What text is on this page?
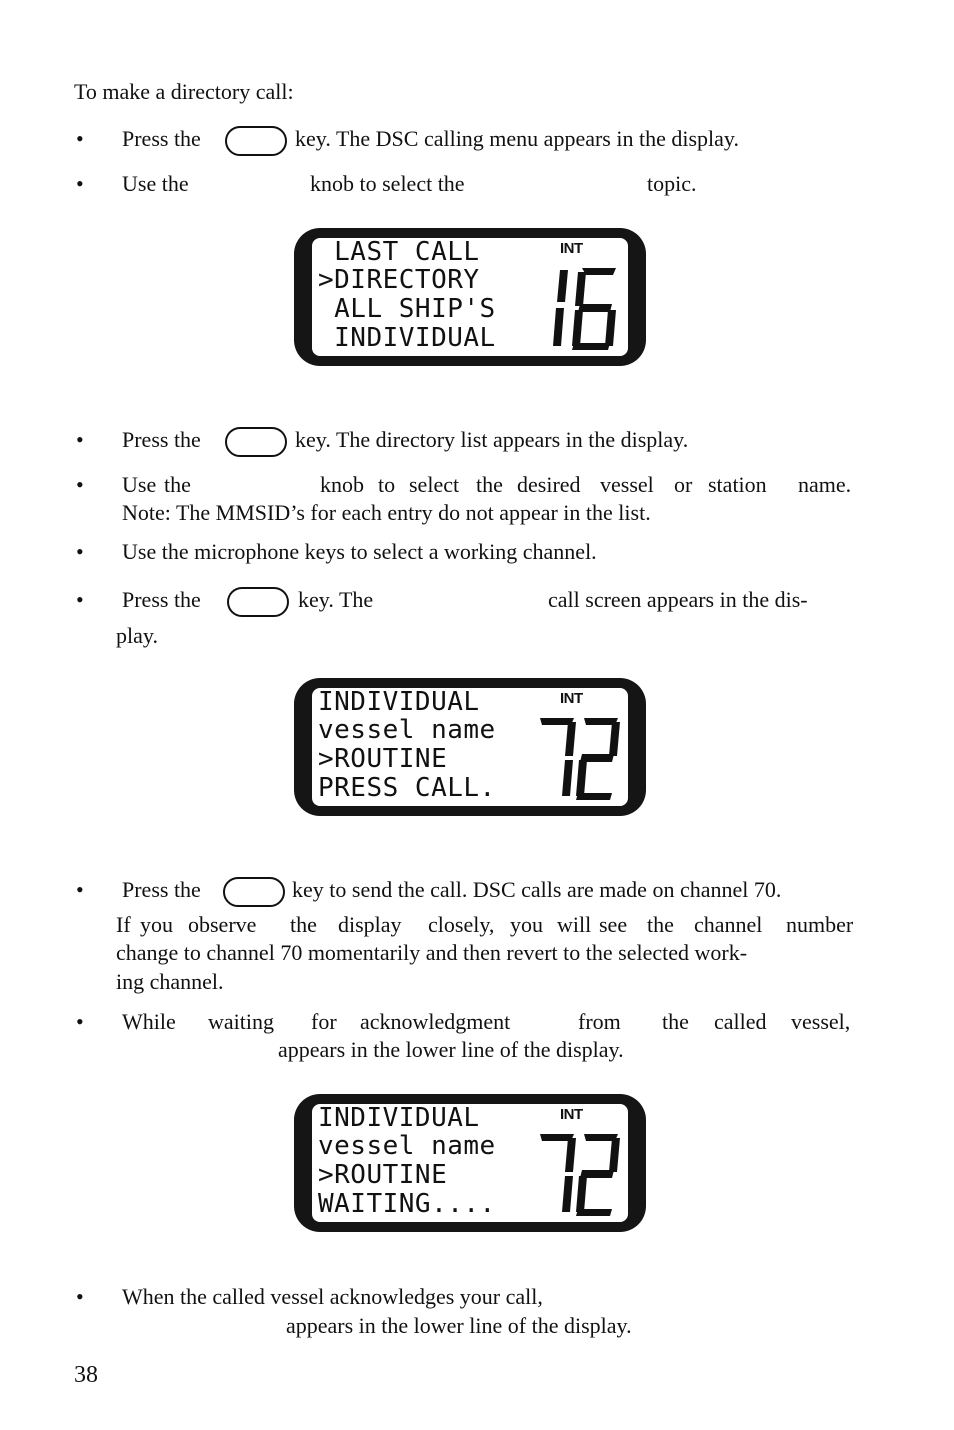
To make a directory call:
• Press the	key. The DSC calling menu appears in the display.
• Use the	knob to select the	topic.
LAST CALL
>DIRECTORY
ALL SHIP'S
INDIVIDUAL
INT
• Press the	key. The directory list appears in the display.
• Use the	knob to select the desired vessel or station name.
Note: The MMSID’s for each entry do not appear in the list.
• Use the microphone keys to select a working channel.
• Press the	key. The	call screen appears in the dis-
play.
INDIVIDUAL
vessel name
>ROUTINE
PRESS CALL.
INT
• Press the	key to send the call. DSC calls are made on channel 70.
If you observe the display closely, you will see the channel number
change to channel 70 momentarily and then revert to the selected work-
ing channel.
• While waiting for acknowledgment	from the called vessel,
appears in the lower line of the display.
INDIVIDUAL
vessel name
>ROUTINE
WAITING....
INT
• When the called vessel acknowledges your call,
appears in the lower line of the display.
38
